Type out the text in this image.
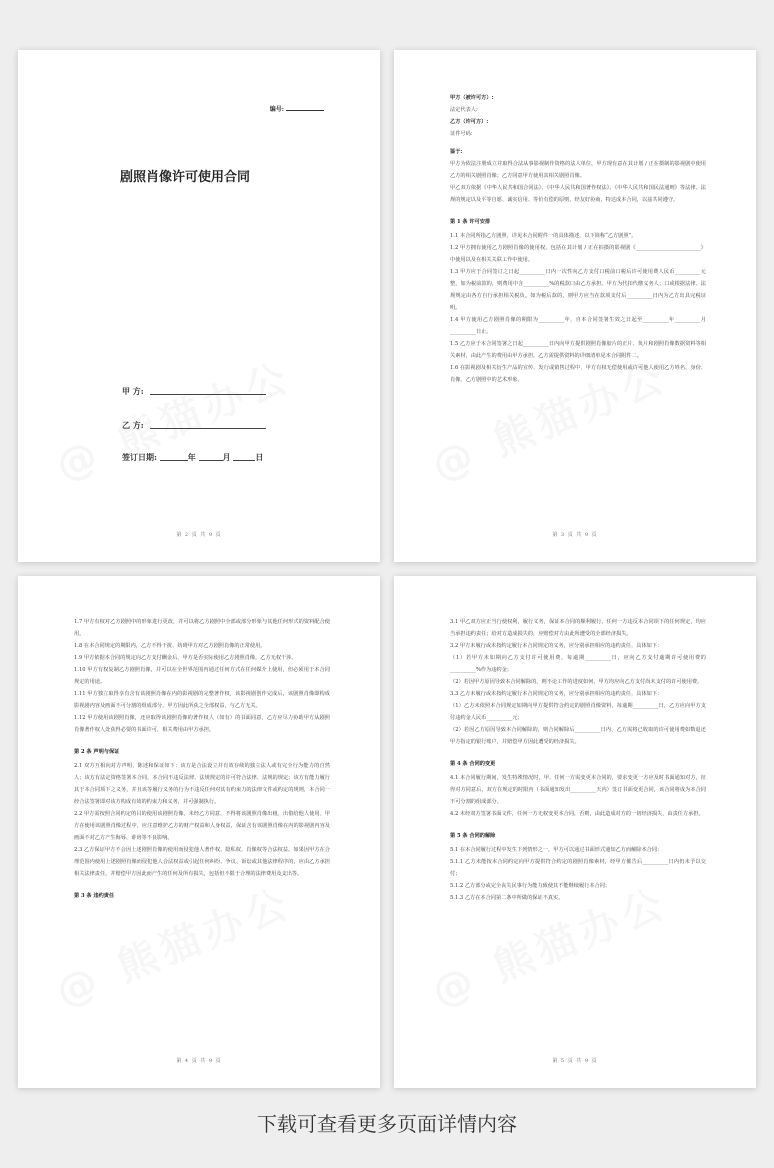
编号:
剧照肖像许可使用合同
甲 方:
乙 方:
签订日期:	年	月	日
第 2 页 共 9 页

甲方（被许可方）:

法定代表人:

乙方（许可方）:

证件号码:

鉴于:

甲方为依法注册成立并取得合法从事影视制作资格的法人单位，甲方现有意在其计划 / 正在摄制的影视剧中使用乙方的相关剧照肖像；乙方同意甲方使用其相关剧照肖像。

甲乙双方依据《中华人民共和国合同法》、《中华人民共和国著作权法》、《中华人民共和国民法通则》等法律、法规的规定以及平等自愿、诚实信用、等价有偿的原则，经友好协商，特达成本合同，以兹共同遵守。

第 1 条 许可安排

1.1 本合同所指乙方剧照，详见本合同附件一的具体描述，以下简称“乙方剧照”。

1.2 甲方拥有使用乙方剧照肖像的使用权，包括在其计划 / 正在拍摄的影视剧《_________________________》中使用以及在相关关联工作中使用。

1.3 甲方应于合同签订之日起__________日内一次性向乙方支付口税前口税后许可使用费人民币__________元整，如为税前款的，则费用中含__________%的税款口由乙方承担。甲方为代扣代缴义务人；口或根据法律、法规规定由各方自行承担相关税负。如为税后款的，则甲方应当在款项支付后__________日内为乙方出具完税证明。

1.4 甲方使用乙方剧照肖像的期限为__________年，自本合同签署生效之日起至__________年__________月__________日止。

1.5 乙方应于本合同签署之日起__________日内向甲方提供剧照肖像胶片的正片、负片和剧照肖像数据资料等相关素材，由此产生的费用由甲方承担。乙方需提供资料的详细清单见本合同附件二。

1.6 在影视剧及相关衍生产品的宣传、发行或销售过程中，甲方有权无偿使用或许可他人使用乙方姓名、身份、肖像、乙方剧照中的艺术形象。

第 3 页 共 9 页

1.7 甲方有权对乙方剧照中的形象进行更改，并可以将乙方剧照中全部或部分形象与其他任何形式的资料配合使用。

1.8 在本合同规定的期限内，乙方不得干扰、妨碍甲方对乙方剧照肖像的正常使用。

1.9 甲方依据本合同的规定向乙方支付酬金后，甲方是否实际使用乙方剧照肖像，乙方无权干涉。

1.10 甲方有权复制乙方剧照肖像，并可以在全世界范围内通过任何方式在任何媒介上使用，但必须用于本合同规定的用途。

1.11 甲方独立取得享有含有该剧照肖像在内的影视剧的完整著作权，该影视剧创作完成后，该剧照肖像即构成影视剧内容及画面不可分割的组成部分，甲方因此所获之全部权益，与乙方无关。

1.12 甲方使用该剧照肖像，还应取得该剧照肖像的著作权人（如有）的书面同意，乙方应尽力协助甲方从剧照肖像著作权人处获得必要的书面许可，相关费用由甲方承担。

第 2 条 声明与保证

2.1 双方互相向对方声明、陈述和保证如下：该方是合法设立并有效存续的独立法人或有完全行为能力的自然人；该方有法定资格签署本合同，本合同不违反法律、法规规定的许可符合法律、法规的规定；该方有能力履行其于本合同项下之义务，并且该等履行义务的行为不违反任何对其有约束力的法律文件或约定的规则，本合同一经合法签署即对该方构成有效的约束力和义务，并可强制执行。

2.2 甲方需按照合同约定的目的使用该剧照肖像，未经乙方同意，不得将该剧照肖像出租、出借给他人使用。甲方在使用该剧照肖像过程中，应注意维护乙方的财产权益和人身权益，保证含有该剧照肖像在内的影视剧内容及画面不对乙方产生侮辱、诽谤等不良影响。

2.3 乙方保证甲方不会因上述剧照肖像的使用而侵犯他人著作权、隐私权、肖像权等合法权益。如果因甲方在合理范围内使用上述剧照肖像而侵犯他人合法权益或引起任何纠纷、争议、诉讼或其他法律程序的，应由乙方承担相关法律责任，并赔偿甲方因此而产生的任何及所有损失，包括但不限于合理的法律费用及支出等。

第 3 条 违约责任

第 4 页 共 9 页

3.1 甲乙双方应正当行使权利，履行义务，保证本合同的顺利履行，任何一方违反本合同项下的任何规定，均应当承担违约责任；给对方造成损失的，应赔偿对方由此所遭受的全部经济损失。

3.2 甲方未履行或未按约定履行本合同规定的义务，应分别承担相应的违约责任，具体如下：

（1）若甲方未如期向乙方支付许可使用费，每逾期__________日，应向乙方支付逾期许可使用费的__________%作为违约金；

（2）若因甲方原因导致本合同解除的，则不论工作的进度如何，甲方均应向乙方支付尚未支付的许可使用费。

3.3 乙方未履行或未按约定履行本合同规定的义务，应分别承担相应的违约责任，具体如下：

（1）乙方未依照本合同规定如期向甲方提供符合约定的剧照肖像资料，每逾期__________日，乙方应向甲方支付违约金人民币__________元；

（2）若因乙方原因导致本合同解除的，则合同解除后__________日内，乙方需将已收取的许可使用费如数退还甲方指定的银行账户，并赔偿甲方因此遭受的经济损失。

第 4 条 合同的变更

4.1 本合同履行期间，发生特殊情况时，甲、任何一方需变更本合同的，要求变更一方应及时书面通知对方，征得对方同意后，双方在规定的时限内（书面通知发出__________天内）签订书面变更合同，该合同将成为本合同不可分割的组成部分。

4.2 未经双方签署书面文件，任何一方无权变更本合同，否则，由此造成对方的一切经济损失，由责任方承担。

第 5 条 合同的解除

5.1 在本合同履行过程中发生下列情形之一，甲方可以通过书面形式通知乙方而解除本合同：

5.1.1 乙方未能按本合同约定向甲方提供符合约定的剧照肖像素材，经甲方催告后__________日内仍未予以交付；

5.1.2 乙方部分或完全丧失民事行为能力致使其不能继续履行本合同；

5.1.3 乙方在本合同第二条中所做的保证不真实。

第 5 页 共 9 页
下载可查看更多页面详情内容
